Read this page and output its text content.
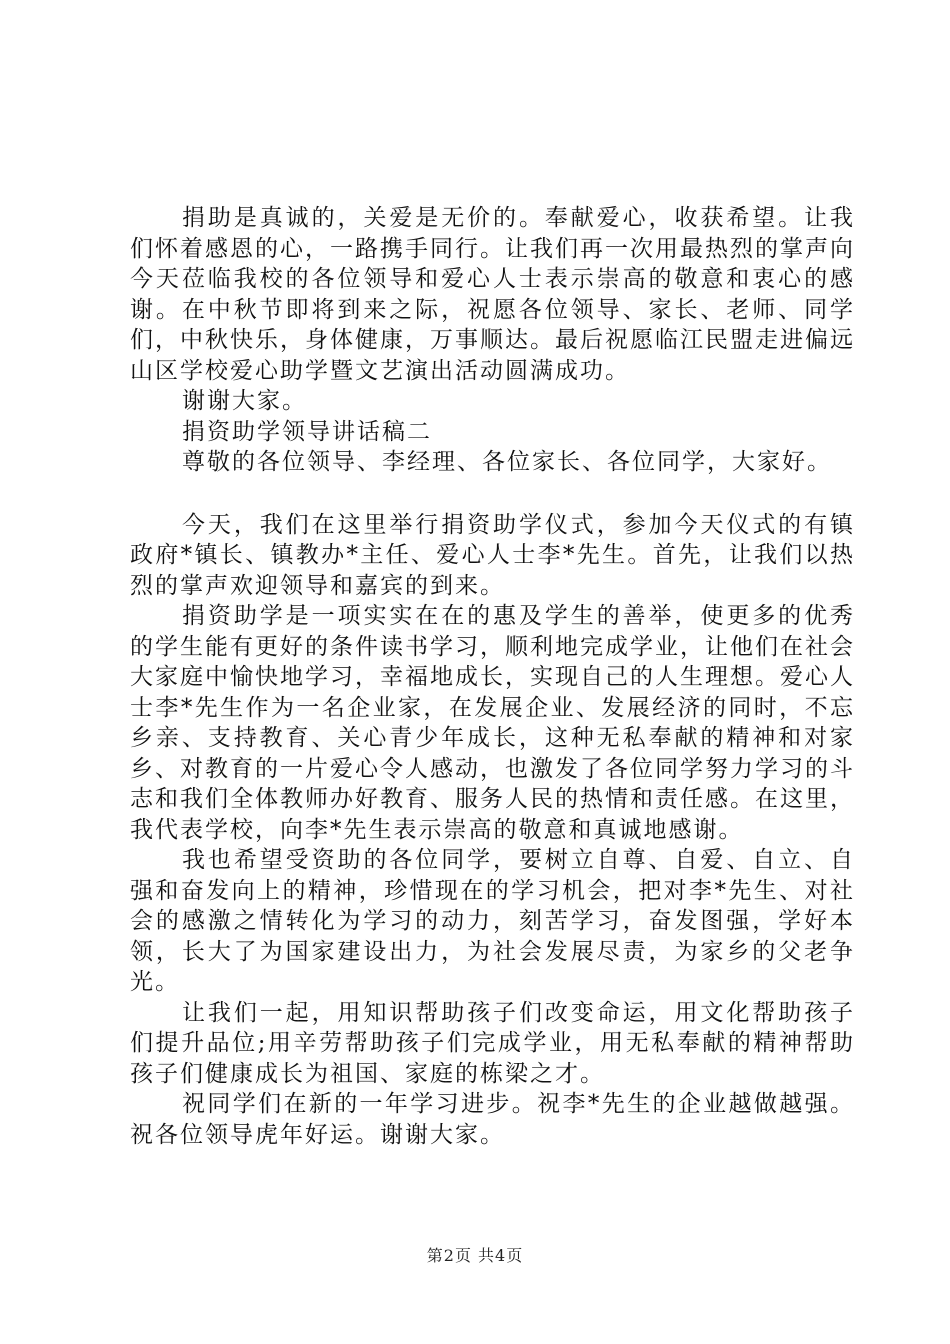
捐助是真诚的，关爱是无价的。奉献爱心，收获希望。让我们怀着感恩的心，一路携手同行。让我们再一次用最热烈的掌声向今天莅临我校的各位领导和爱心人士表示崇高的敬意和衷心的感谢。在中秋节即将到来之际，祝愿各位领导、家长、老师、同学们，中秋快乐，身体健康，万事顺达。最后祝愿临江民盟走进偏远山区学校爱心助学暨文艺演出活动圆满成功。

谢谢大家。

捐资助学领导讲话稿二

尊敬的各位领导、李经理、各位家长、各位同学，大家好。

今天，我们在这里举行捐资助学仪式，参加今天仪式的有镇政府*镇长、镇教办*主任、爱心人士李*先生。首先，让我们以热烈的掌声欢迎领导和嘉宾的到来。

捐资助学是一项实实在在的惠及学生的善举，使更多的优秀的学生能有更好的条件读书学习，顺利地完成学业，让他们在社会大家庭中愉快地学习，幸福地成长，实现自己的人生理想。爱心人士李*先生作为一名企业家，在发展企业、发展经济的同时，不忘乡亲、支持教育、关心青少年成长，这种无私奉献的精神和对家乡、对教育的一片爱心令人感动，也激发了各位同学努力学习的斗志和我们全体教师办好教育、服务人民的热情和责任感。在这里，我代表学校，向李*先生表示崇高的敬意和真诚地感谢。

我也希望受资助的各位同学，要树立自尊、自爱、自立、自强和奋发向上的精神，珍惜现在的学习机会，把对李*先生、对社会的感激之情转化为学习的动力，刻苦学习，奋发图强，学好本领，长大了为国家建设出力，为社会发展尽责，为家乡的父老争光。

让我们一起，用知识帮助孩子们改变命运，用文化帮助孩子们提升品位;用辛劳帮助孩子们完成学业，用无私奉献的精神帮助孩子们健康成长为祖国、家庭的栋梁之才。

祝同学们在新的一年学习进步。祝李*先生的企业越做越强。祝各位领导虎年好运。谢谢大家。

第2页 共4页
